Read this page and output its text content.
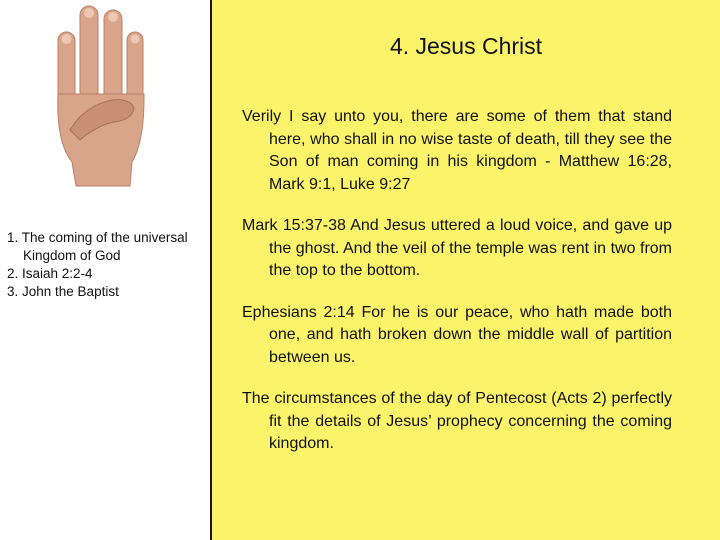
1. The coming of the universal Kingdom of God
2. Isaiah 2:2-4
3. John the Baptist
4. Jesus Christ

Verily I say unto you, there are some of them that stand here, who shall in no wise taste of death, till they see the Son of man coming in his kingdom - Matthew 16:28, Mark 9:1, Luke 9:27

Mark 15:37-38 And Jesus uttered a loud voice, and gave up the ghost. And the veil of the temple was rent in two from the top to the bottom.

Ephesians 2:14 For he is our peace, who hath made both one, and hath broken down the middle wall of partition between us.

The circumstances of the day of Pentecost (Acts 2) perfectly fit the details of Jesus’ prophecy concerning the coming kingdom.
